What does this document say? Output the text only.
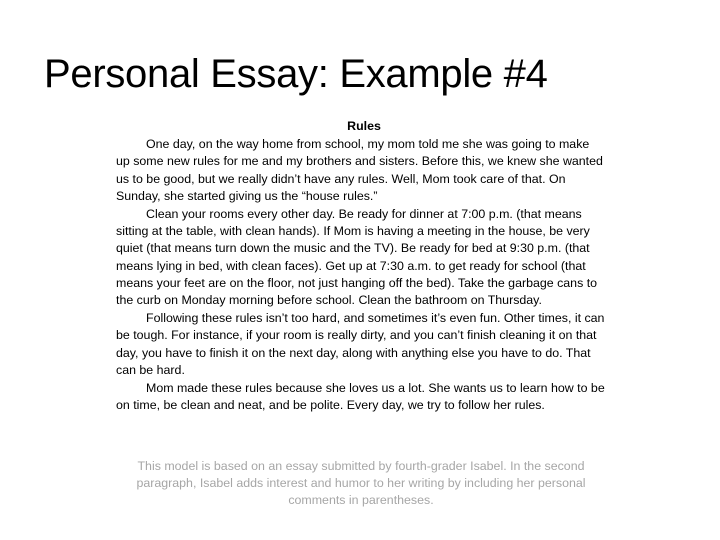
Personal Essay: Example #4

Rules

One day, on the way home from school, my mom told me she was going to make up some new rules for me and my brothers and sisters. Before this, we knew she wanted us to be good, but we really didn’t have any rules. Well, Mom took care of that. On Sunday, she started giving us the “house rules.”

Clean your rooms every other day. Be ready for dinner at 7:00 p.m. (that means sitting at the table, with clean hands). If Mom is having a meeting in the house, be very quiet (that means turn down the music and the TV). Be ready for bed at 9:30 p.m. (that means lying in bed, with clean faces). Get up at 7:30 a.m. to get ready for school (that means your feet are on the floor, not just hanging off the bed). Take the garbage cans to the curb on Monday morning before school. Clean the bathroom on Thursday.

Following these rules isn’t too hard, and sometimes it’s even fun. Other times, it can be tough. For instance, if your room is really dirty, and you can’t finish cleaning it on that day, you have to finish it on the next day, along with anything else you have to do. That can be hard.

Mom made these rules because she loves us a lot. She wants us to learn how to be on time, be clean and neat, and be polite. Every day, we try to follow her rules.

This model is based on an essay submitted by fourth-grader Isabel. In the second paragraph, Isabel adds interest and humor to her writing by including her personal comments in parentheses.
